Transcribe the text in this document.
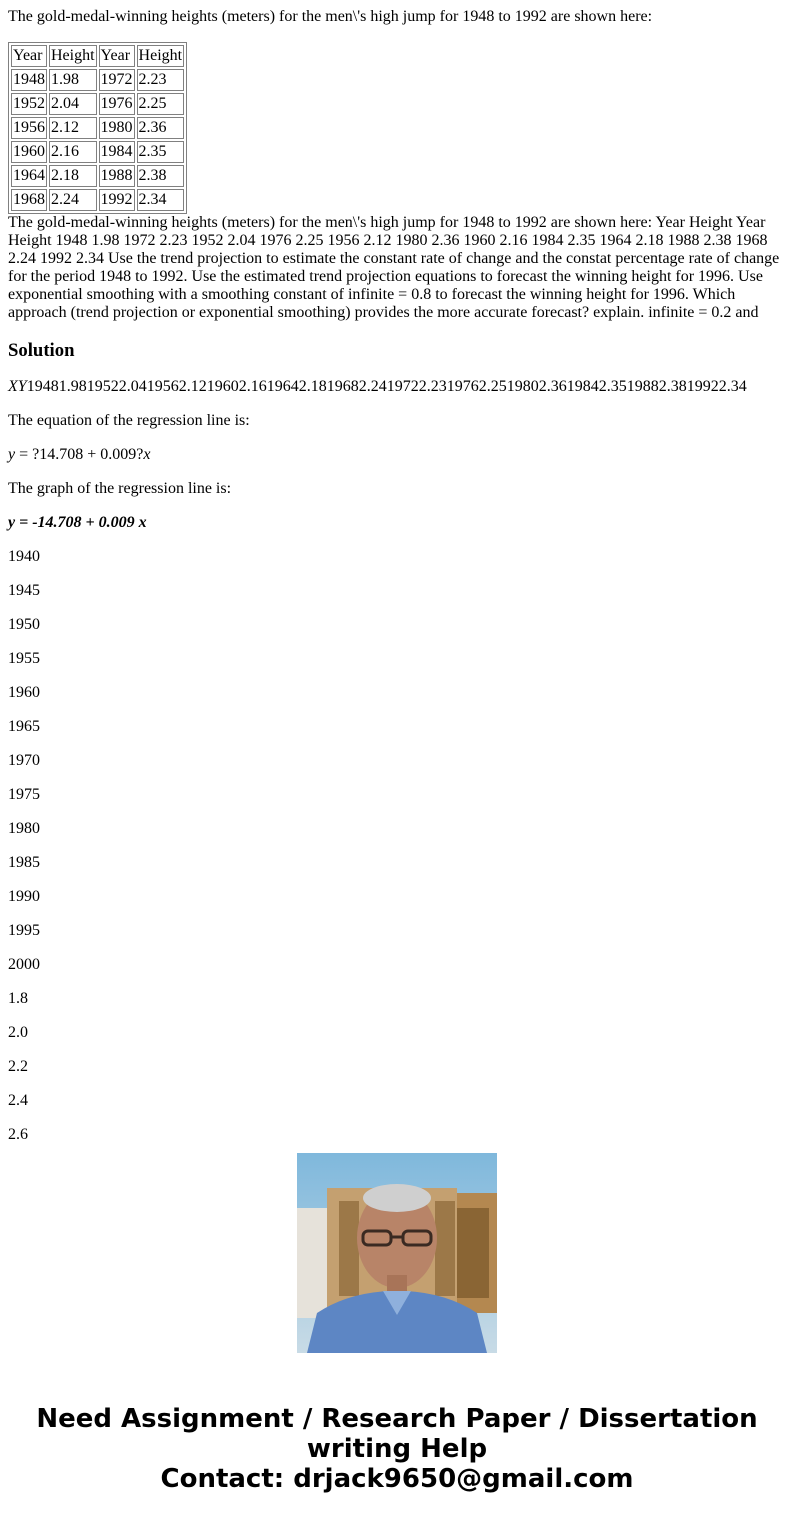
The gold-medal-winning heights (meters) for the men\'s high jump for 1948 to 1992 are shown here:
Year	Height	Year	Height
1948	1.98	1972	2.23
1952	2.04	1976	2.25
1956	2.12	1980	2.36
1960	2.16	1984	2.35
1964	2.18	1988	2.38
1968	2.24	1992	2.34
The gold-medal-winning heights (meters) for the men\'s high jump for 1948 to 1992 are shown here: Year Height Year Height 1948 1.98 1972 2.23 1952 2.04 1976 2.25 1956 2.12 1980 2.36 1960 2.16 1984 2.35 1964 2.18 1988 2.38 1968 2.24 1992 2.34 Use the trend projection to estimate the constant rate of change and the constat percentage rate of change for the period 1948 to 1992. Use the estimated trend projection equations to forecast the winning height for 1996. Use exponential smoothing with a smoothing constant of infinite = 0.8 to forecast the winning height for 1996. Which approach (trend projection or exponential smoothing) provides the more accurate forecast? explain. infinite = 0.2 and
Solution

XY19481.9819522.0419562.1219602.1619642.1819682.2419722.2319762.2519802.3619842.3519882.3819922.34

The equation of the regression line is:

y = ?14.708 + 0.009?x

The graph of the regression line is:

y = -14.708 + 0.009 x

1940

1945

1950

1955

1960

1965

1970

1975

1980

1985

1990

1995

2000

1.8

2.0

2.2

2.4

2.6

Need Assignment / Research Paper / Dissertation
writing Help
Contact: drjack9650@gmail.com
